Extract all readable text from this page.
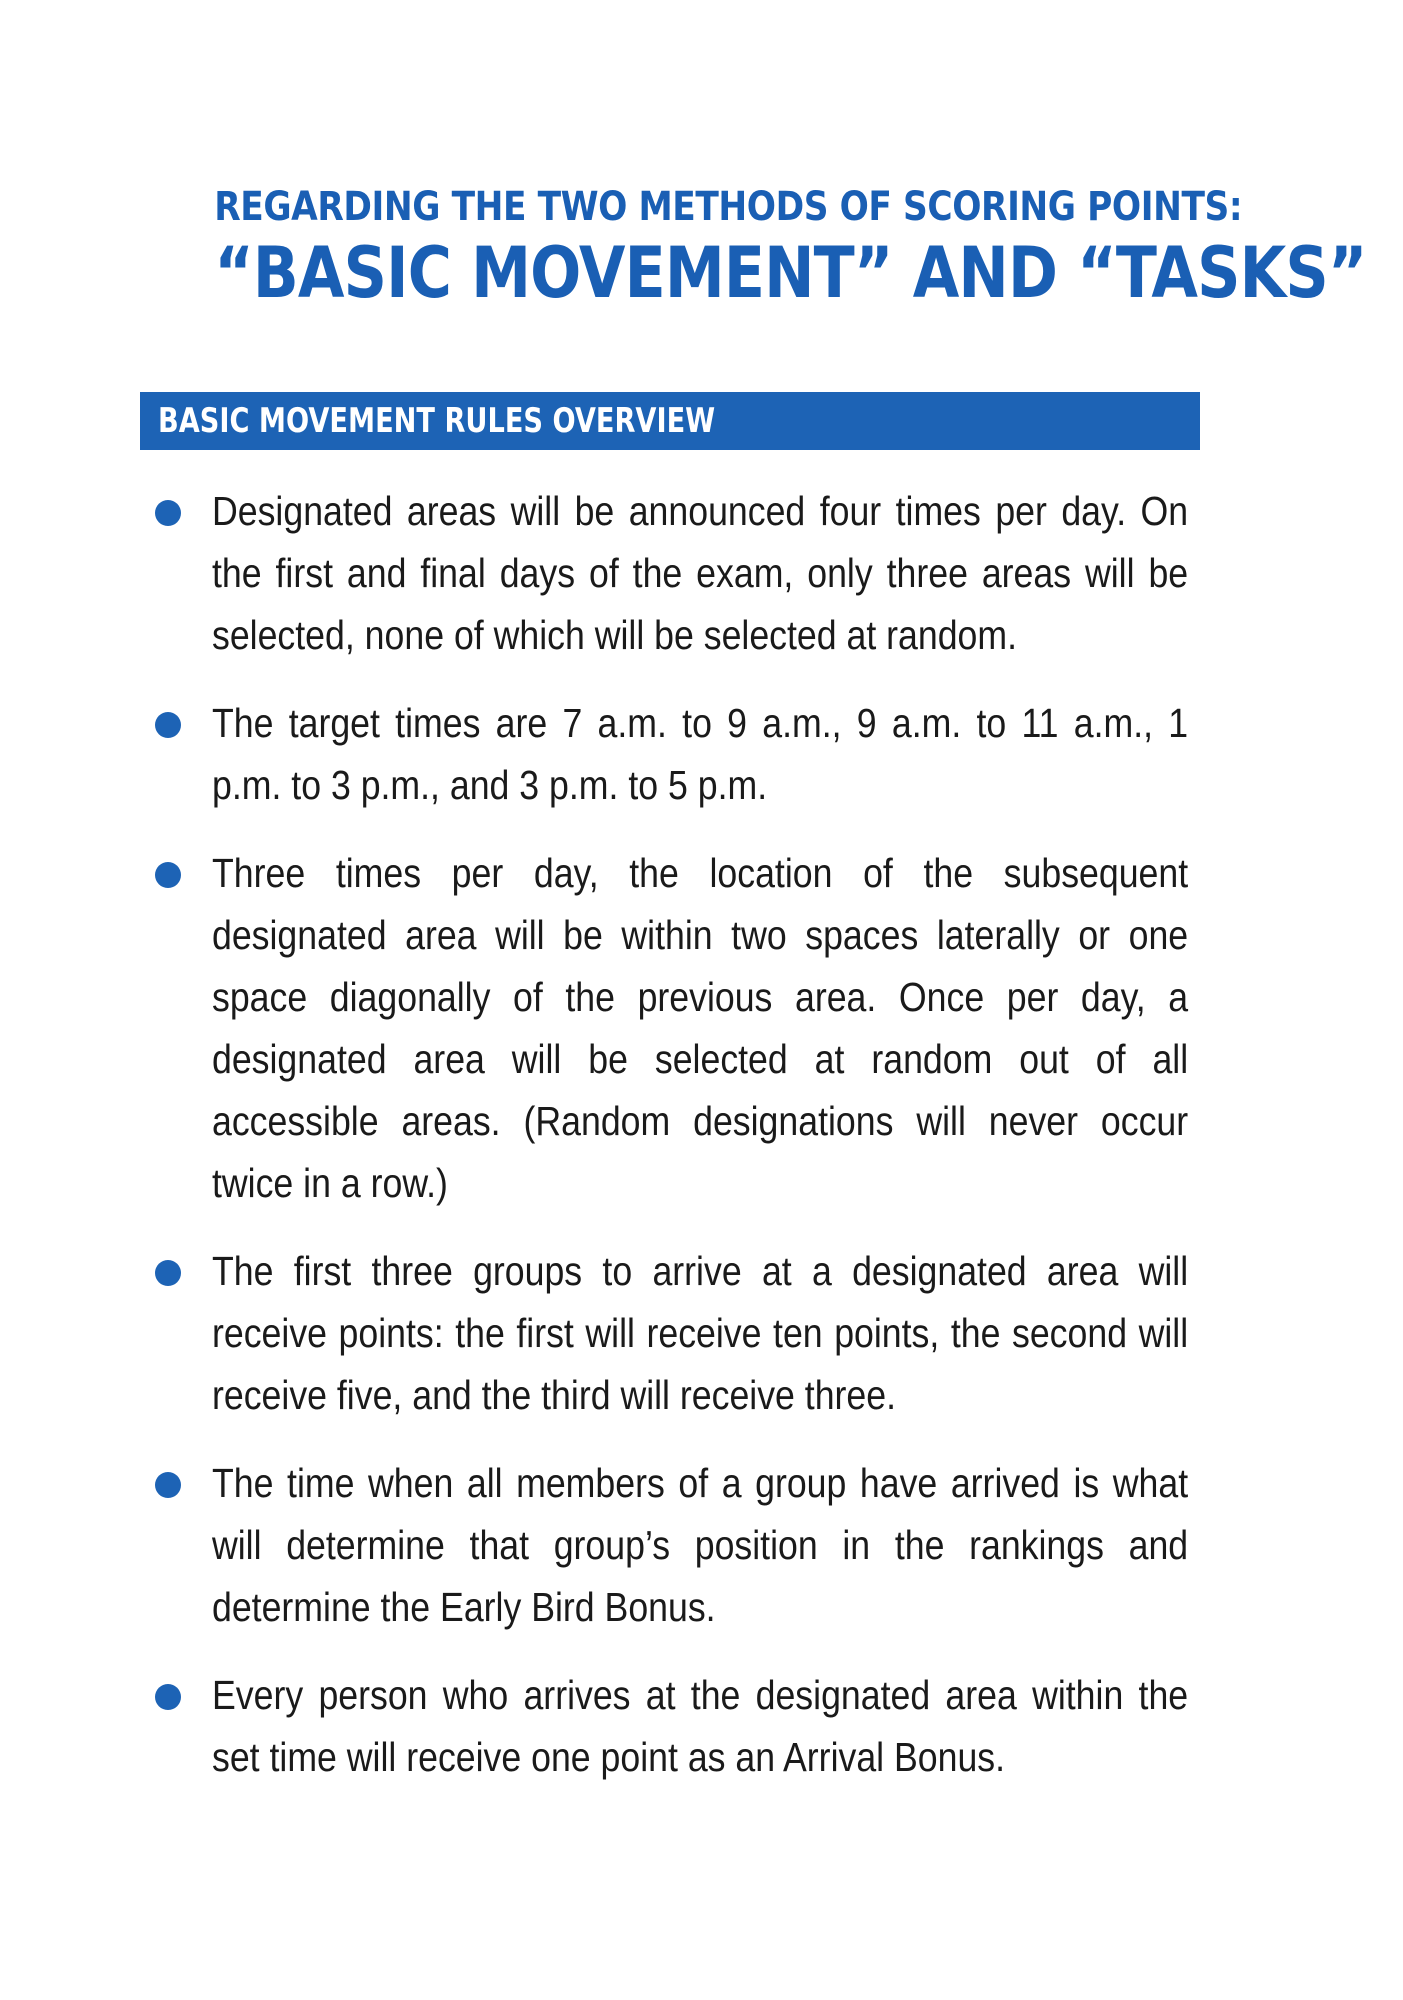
REGARDING THE TWO METHODS OF SCORING POINTS:
“BASIC MOVEMENT” AND “TASKS”
BASIC MOVEMENT RULES OVERVIEW
Designated areas will be announced four times per day. On the first and final days of the exam, only three areas will be selected, none of which will be selected at random.
The target times are 7 a.m. to 9 a.m., 9 a.m. to 11 a.m., 1 p.m. to 3 p.m., and 3 p.m. to 5 p.m.
Three times per day, the location of the subsequent designated area will be within two spaces laterally or one space diagonally of the previous area. Once per day, a designated area will be selected at random out of all accessible areas. (Random designations will never occur twice in a row.)
The first three groups to arrive at a designated area will receive points: the first will receive ten points, the second will receive five, and the third will receive three.
The time when all members of a group have arrived is what will determine that group’s position in the rankings and determine the Early Bird Bonus.
Every person who arrives at the designated area within the set time will receive one point as an Arrival Bonus.
